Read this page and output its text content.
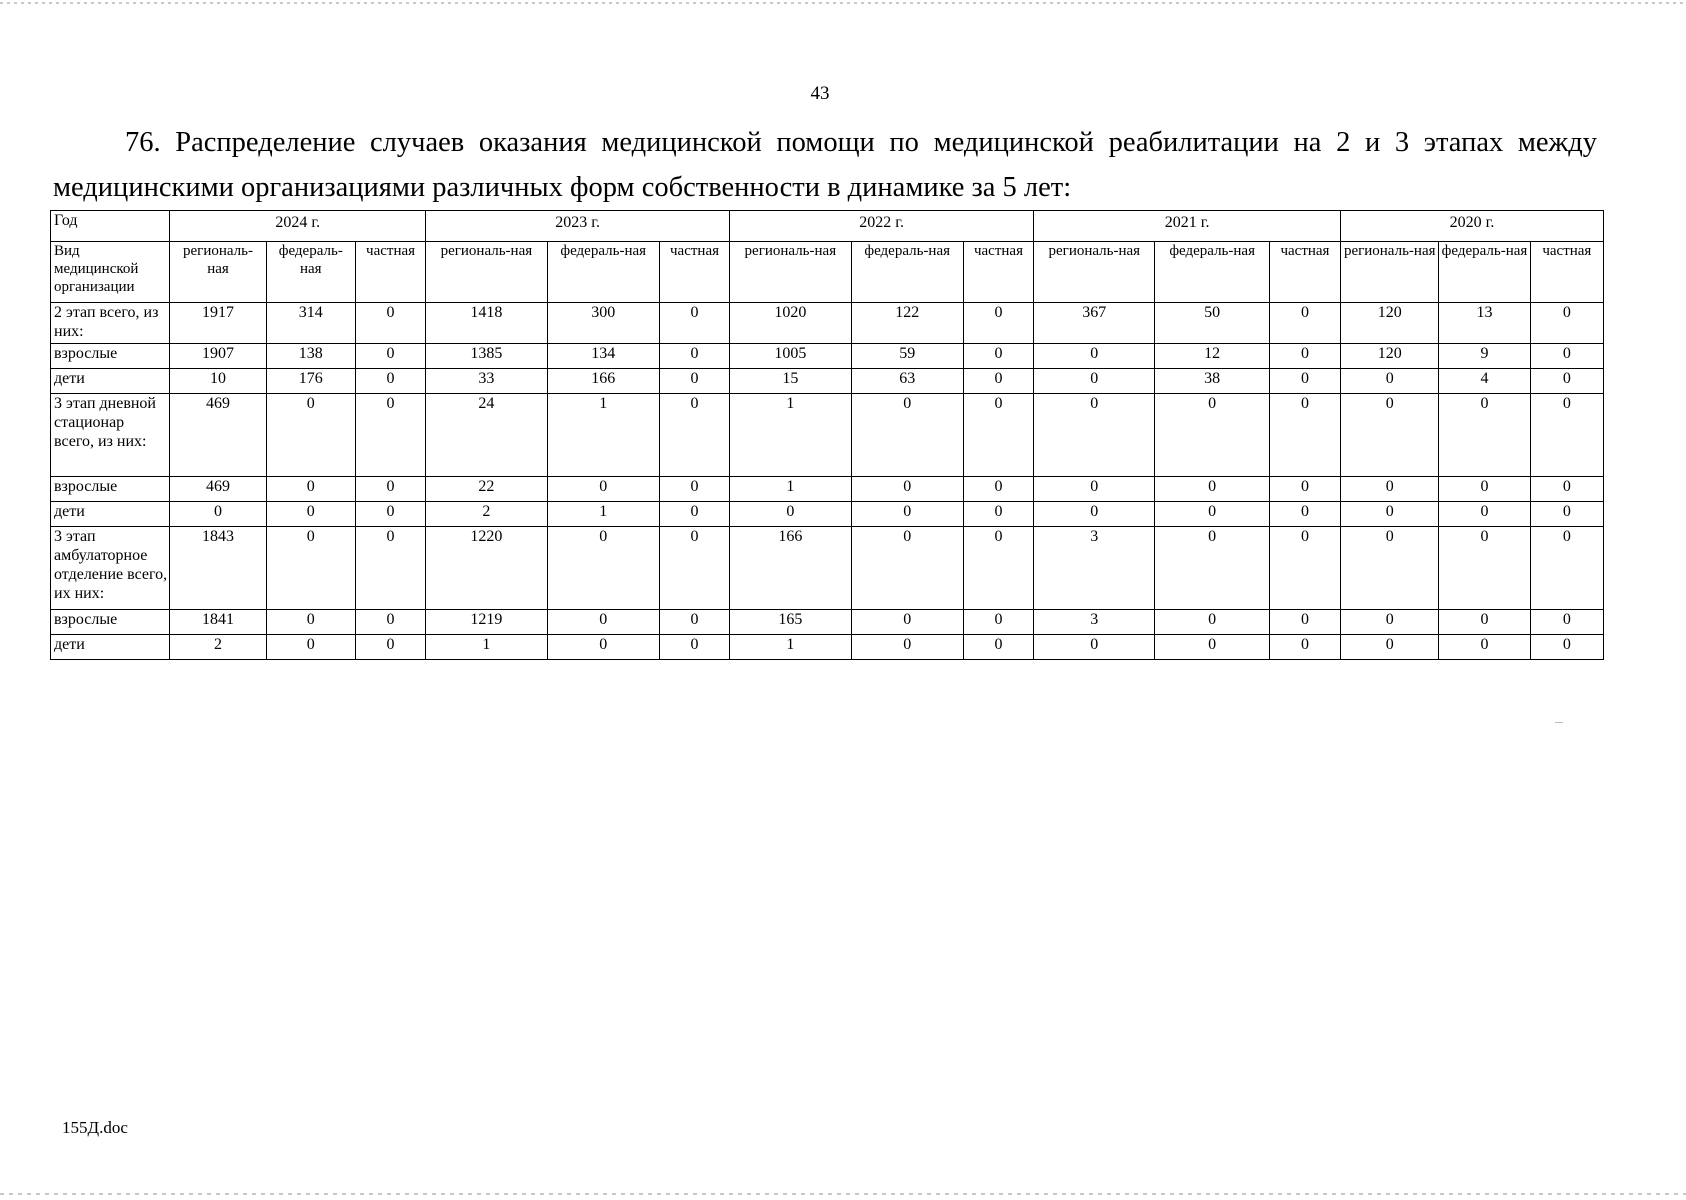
43
76. Распределение случаев оказания медицинской помощи по медицинской реабилитации на 2 и 3 этапах между медицинскими организациями различных форм собственности в динамике за 5 лет:
Год	2024 г.			2023 г.			2022 г.			2021 г.			2020 г.		
Вид медицинской организации	региональ-ная	федераль-ная	частная	региональ-ная	федераль-ная	частная	региональ-ная	федераль-ная	частная	региональ-ная	федераль-ная	частная	региональ-ная	федераль-ная	частная
2 этап всего, из них:	1917	314	0	1418	300	0	1020	122	0	367	50	0	120	13	0
взрослые	1907	138	0	1385	134	0	1005	59	0	0	12	0	120	9	0
дети	10	176	0	33	166	0	15	63	0	0	38	0	0	4	0
3 этап дневной стационар всего, из них:	469	0	0	24	1	0	1	0	0	0	0	0	0	0	0
взрослые	469	0	0	22	0	0	1	0	0	0	0	0	0	0	0
дети	0	0	0	2	1	0	0	0	0	0	0	0	0	0	0
3 этап амбулаторное отделение всего, их них:	1843	0	0	1220	0	0	166	0	0	3	0	0	0	0	0
взрослые	1841	0	0	1219	0	0	165	0	0	3	0	0	0	0	0
дети	2	0	0	1	0	0	1	0	0	0	0	0	0	0	0
155Д.doc
